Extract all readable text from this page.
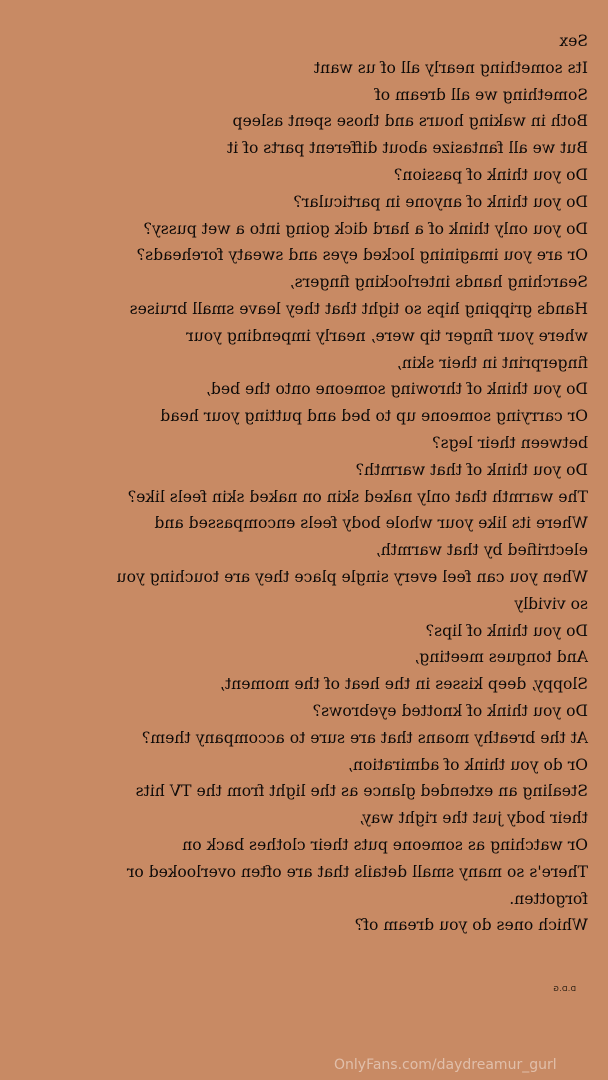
Sex
Its something nearly all of us want
Something we all dream of
Both in waking hours and those spent asleep
But we all fantasize about different parts of it
Do you think of passion?
Do you think of anyone in particular?
Do you only think of a hard dick going into a wet pussy?
Or are you imagining locked eyes and sweaty foreheads?
Searching hands interlocking fingers,
Hands gripping hips so tight that they leave small bruises
where your finger tip were, nearly impending your
fingerprint in their skin,
Do you think of throwing someone onto the bed,
Or carrying someone up to bed and putting your head
between their legs?
Do you think of that warmth?
The warmth that only naked skin on naked skin feels like?
Where its like your whole body feels encompassed and
electrified by that warmth,
When you can feel every single place they are touching you
so vividly
Do you think of lips?
And tongues meeting,
Sloppy, deep kisses in the heat of the moment,
Do you think of knotted eyebrows?
At the breathy moans that are sure to accompany them?
Or do you think of admiration,
Stealing an extended glance as the light from the TV hits
their body just the right way,
Or watching as someone puts their clothes back on
There's so many small details that are often overlooked or
forgotten.
Which ones do you dream of?
D.D.G
OnlyFans.com/daydreamur_gurl
